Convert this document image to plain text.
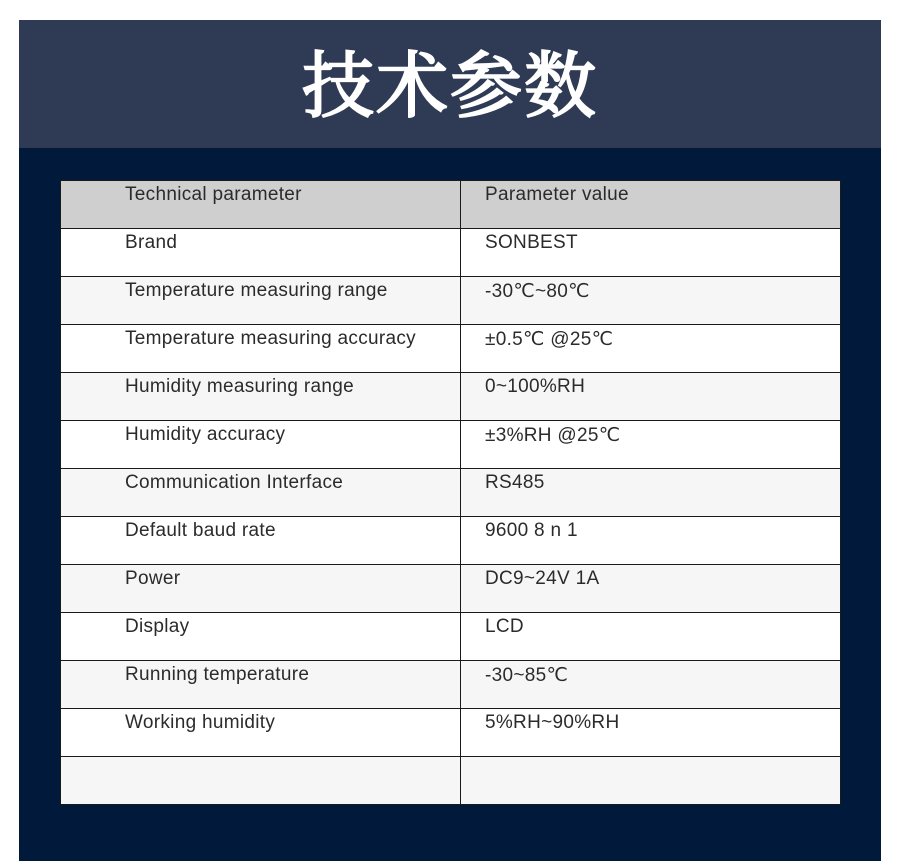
技术参数
Technical parameter	Parameter value

Brand	SONBEST

Temperature measuring range	-30℃~80℃

Temperature measuring accuracy	±0.5℃ @25℃

Humidity measuring range	0~100%RH

Humidity accuracy	±3%RH @25℃

Communication Interface	RS485

Default baud rate	9600 8 n 1

Power	DC9~24V 1A

Display	LCD

Running temperature	-30~85℃

Working humidity	5%RH~90%RH
